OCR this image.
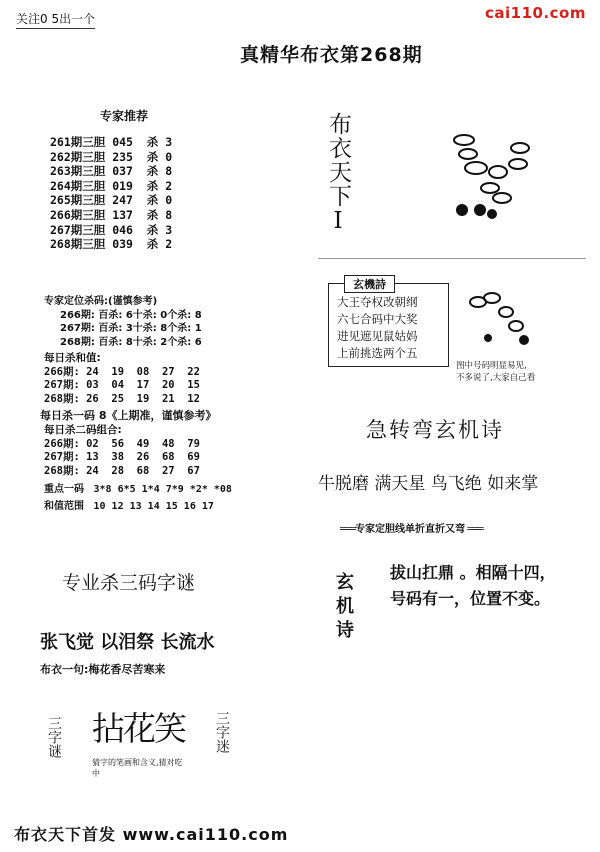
关注0 5出一个	cai110.com
真精华布衣第268期
专家推荐
261期三胆 045  杀 3
262期三胆 235  杀 0
263期三胆 037  杀 8
264期三胆 019  杀 2
265期三胆 247  杀 0
266期三胆 137  杀 8
267期三胆 046  杀 3
268期三胆 039  杀 2
专家定位杀码:(谨慎参考)
266期: 百杀: 6十杀: 0个杀: 8
267期: 百杀: 3十杀: 8个杀: 1
268期: 百杀: 8十杀: 2个杀: 6
每日杀和值:
266期: 24  19  08  27  22
267期: 03  04  17  20  15
268期: 26  25  19  21  12
每日杀一码 8《上期准，谨慎参考》
每日杀二码组合:
266期: 02  56  49  48  79
267期: 13  38  26  68  69
268期: 24  28  68  27  67
重点一码 3*8 6*5 1*4 7*9 *2* *08
和值范围 10 12 13 14 15 16 17
专业杀三码字谜
张飞觉 以泪祭 长流水
布衣一句:梅花香尽苦寒来
三字谜 拈花笑 三字迷
猜字的笔画和含义,猜对吃中
布衣天下Ⅰ
大王夺权改朝纲
六七合码中大奖
进见遮见鼠姑妈
上前挑选两个五
玄機詩
图中号码明显易见,
不多说了,大家自己看
急转弯玄机诗
牛脱磨 满天星 鸟飞绝 如来掌
═══专家定胆线单折直折又弯 ═══
玄机诗 拔山扛鼎 。相隔十四，
号码有一，位置不变。
布衣天下首发 www.cai110.com
